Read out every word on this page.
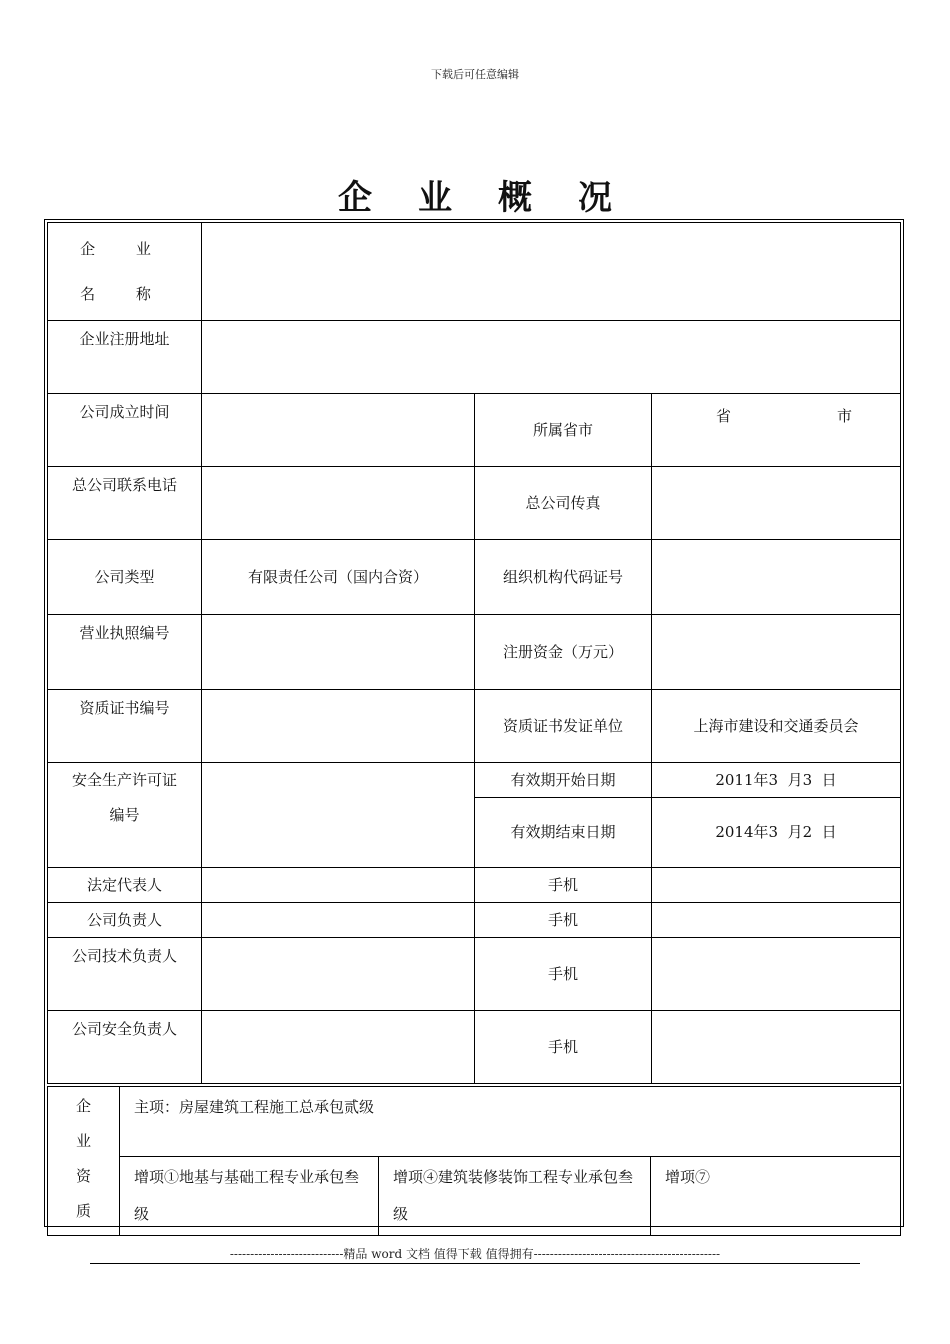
下载后可任意编辑
企业概况
企 业
名 称			

企业注册地址			
公司成立时间		所属省市	省 市

总公司联系电话		总公司传真	
公司类型	有限责任公司（国内合资）	组织机构代码证号	
营业执照编号		注册资金（万元）	
资质证书编号		资质证书发证单位	上海市建设和交通委员会

安全生产许可证
编号		有效期开始日期	2011年3  月3  日
		有效期结束日期	2014年3  月2  日
法定代表人		手机	
公司负责人		手机	
公司技术负责人		手机	
公司安全负责人		手机	
企
业
资
质	主项：房屋建筑工程施工总承包贰级		
	增项①地基与基础工程专业承包叁级	增项④建筑装修装饰工程专业承包叁级	增项⑦
----------------------------精品 word 文档 值得下载 值得拥有----------------------------------------------
